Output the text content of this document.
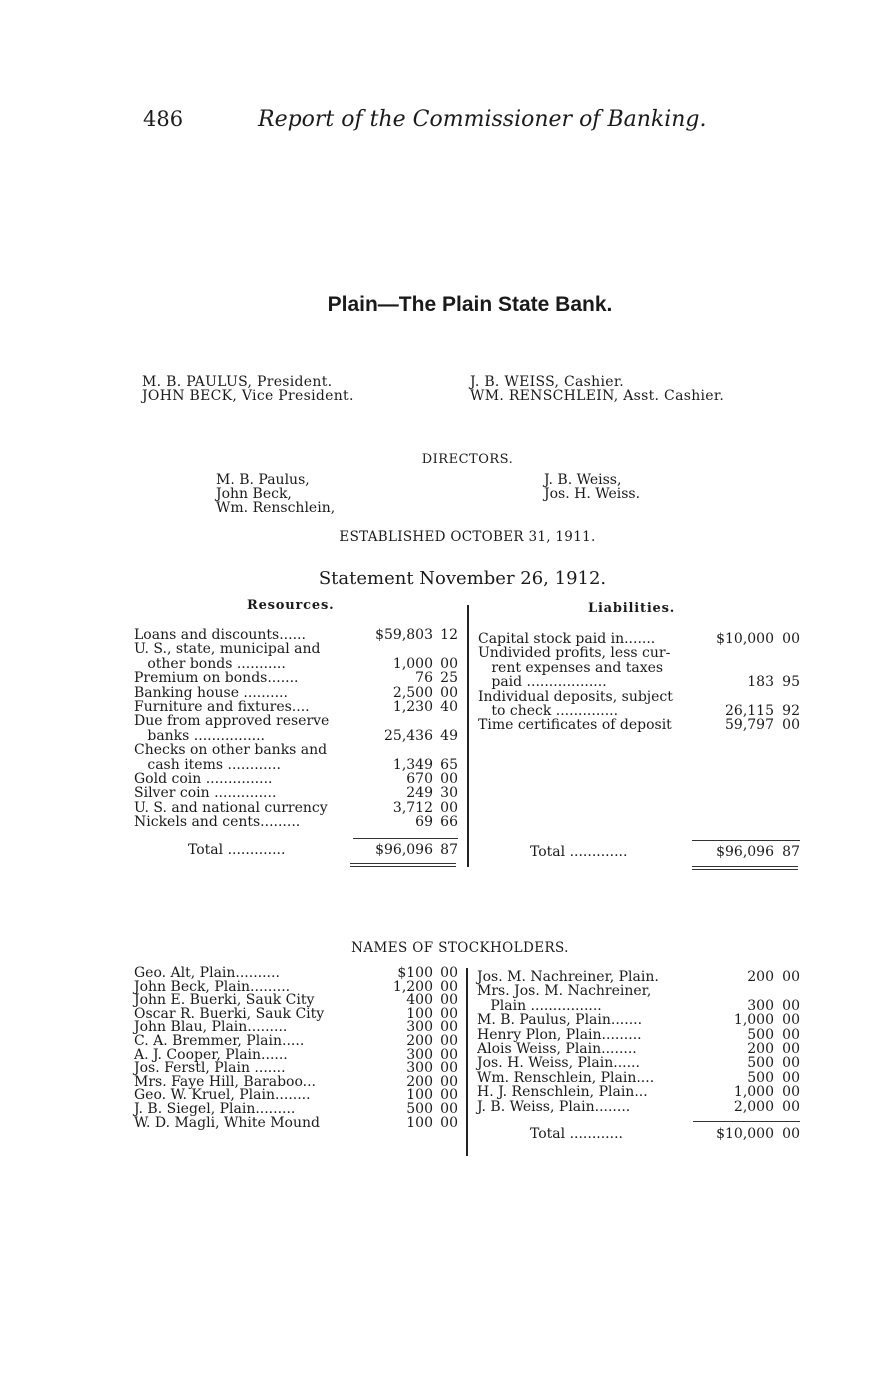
486	Report of the Commissioner of Banking.
Plain—The Plain State Bank.
M. B. PAULUS, President.
JOHN BECK, Vice President.
J. B. WEISS, Cashier.
WM. RENSCHLEIN, Asst. Cashier.
DIRECTORS.
M. B. Paulus,
John Beck,
Wm. Renschlein,
J. B. Weiss,
Jos. H. Weiss.
ESTABLISHED OCTOBER 31, 1911.
Statement November 26, 1912.
Resources.	Liabilities.
Loans and discounts......	$59,803 12
U. S., state, municipal and
other bonds ...........	1,000 00
Premium on bonds.......	76 25
Banking house ..........	2,500 00
Furniture and fixtures....	1,230 40
Due from approved reserve
banks ................	25,436 49
Checks on other banks and
cash items ............	1,349 65
Gold coin ...............	670 00
Silver coin ..............	249 30
U. S. and national currency	3,712 00
Nickels and cents.........	69 66
Capital stock paid in.......	$10,000 00
Undivided profits, less cur-
rent expenses and taxes
paid ..................	183 95
Individual deposits, subject
to check ..............	26,115 92
Time certificates of deposit	59,797 00
Total .............	$96,096 87	Total .............	$96,096 87
NAMES OF STOCKHOLDERS.
Geo. Alt, Plain..........	$100 00
John Beck, Plain.........	1,200 00
John E. Buerki, Sauk City	400 00
Oscar R. Buerki, Sauk City	100 00
John Blau, Plain.........	300 00
C. A. Bremmer, Plain.....	200 00
A. J. Cooper, Plain......	300 00
Jos. Ferstl, Plain .......	300 00
Mrs. Faye Hill, Baraboo...	200 00
Geo. W. Kruel, Plain........	100 00
J. B. Siegel, Plain.........	500 00
W. D. Magli, White Mound	100 00
Jos. M. Nachreiner, Plain.	200 00
Mrs. Jos. M. Nachreiner,
Plain ................	300 00
M. B. Paulus, Plain.......	1,000 00
Henry Plon, Plain.........	500 00
Alois Weiss, Plain........	200 00
Jos. H. Weiss, Plain......	500 00
Wm. Renschlein, Plain....	500 00
H. J. Renschlein, Plain...	1,000 00
J. B. Weiss, Plain........	2,000 00
Total ............	$10,000 00
